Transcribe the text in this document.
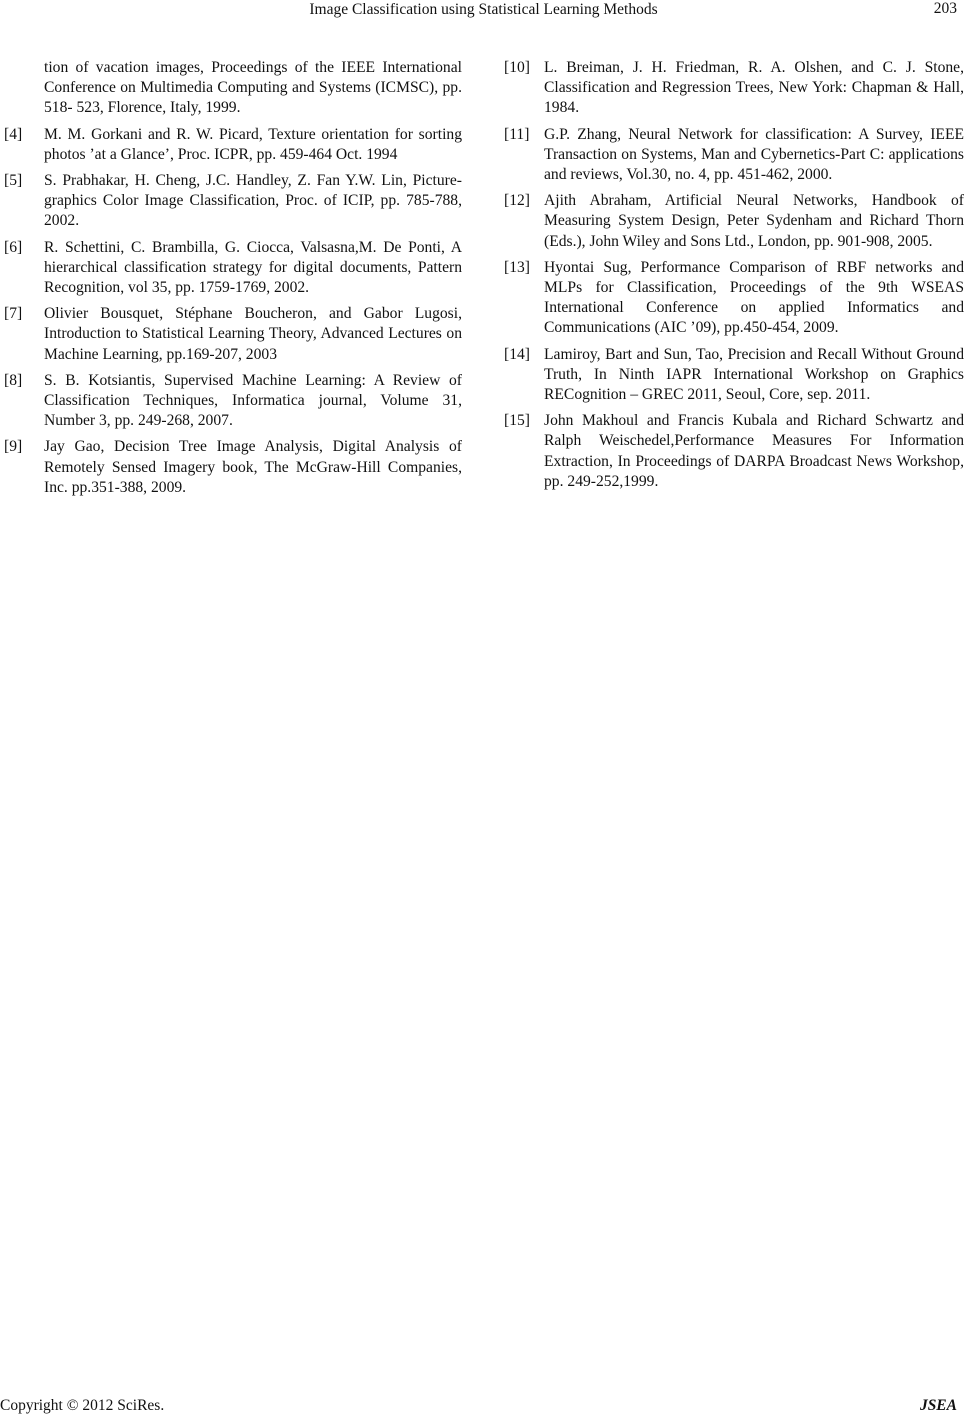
Image Classification using Statistical Learning Methods	203
tion of vacation images, Proceedings of the IEEE International Conference on Multimedia Computing and Systems (ICMSC), pp. 518- 523, Florence, Italy, 1999.
[4] M. M. Gorkani and R. W. Picard, Texture orientation for sorting photos ’at a Glance’, Proc. ICPR, pp. 459-464 Oct. 1994
[5] S. Prabhakar, H. Cheng, J.C. Handley, Z. Fan Y.W. Lin, Picture-graphics Color Image Classification, Proc. of ICIP, pp. 785-788, 2002.
[6] R. Schettini, C. Brambilla, G. Ciocca, Valsasna,M. De Ponti, A hierarchical classification strategy for digital documents, Pattern Recognition, vol 35, pp. 1759-1769, 2002.
[7] Olivier Bousquet, Stéphane Boucheron, and Gabor Lugosi, Introduction to Statistical Learning Theory, Advanced Lectures on Machine Learning, pp.169-207, 2003
[8] S. B. Kotsiantis, Supervised Machine Learning: A Review of Classification Techniques, Informatica journal, Volume 31, Number 3, pp. 249-268, 2007.
[9] Jay Gao, Decision Tree Image Analysis, Digital Analysis of Remotely Sensed Imagery book, The McGraw-Hill Companies, Inc. pp.351-388, 2009.
[10] L. Breiman, J. H. Friedman, R. A. Olshen, and C. J. Stone, Classification and Regression Trees, New York: Chapman & Hall, 1984.
[11] G.P. Zhang, Neural Network for classification: A Survey, IEEE Transaction on Systems, Man and Cybernetics-Part C: applications and reviews, Vol.30, no. 4, pp. 451-462, 2000.
[12] Ajith Abraham, Artificial Neural Networks, Handbook of Measuring System Design, Peter Sydenham and Richard Thorn (Eds.), John Wiley and Sons Ltd., London, pp. 901-908, 2005.
[13] Hyontai Sug, Performance Comparison of RBF networks and MLPs for Classification, Proceedings of the 9th WSEAS International Conference on applied Informatics and Communications (AIC ’09), pp.450-454, 2009.
[14] Lamiroy, Bart and Sun, Tao, Precision and Recall Without Ground Truth, In Ninth IAPR International Workshop on Graphics RECognition – GREC 2011, Seoul, Core, sep. 2011.
[15] John Makhoul and Francis Kubala and Richard Schwartz and Ralph Weischedel,Performance Measures For Information Extraction, In Proceedings of DARPA Broadcast News Workshop, pp. 249-252,1999.
Copyright © 2012 SciRes.	JSEA
